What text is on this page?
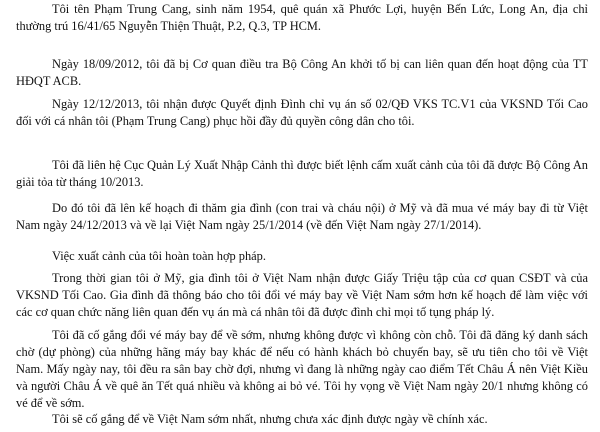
Tôi tên Phạm Trung Cang, sinh năm 1954, quê quán xã Phước Lợi, huyện Bến Lức, Long An, địa chỉ thường trú 16/41/65 Nguyễn Thiện Thuật, P.2, Q.3, TP HCM.

Ngày 18/09/2012, tôi đã bị Cơ quan điều tra Bộ Công An khởi tố bị can liên quan đến hoạt động của TT HĐQT ACB.

Ngày 12/12/2013, tôi nhận được Quyết định Đình chỉ vụ án số 02/QĐ VKS TC.V1 của VKSND Tối Cao đối với cá nhân tôi (Phạm Trung Cang) phục hồi đầy đủ quyền công dân cho tôi.

Tôi đã liên hệ Cục Quản Lý Xuất Nhập Cảnh thì được biết lệnh cấm xuất cảnh của tôi đã được Bộ Công An giải tỏa từ tháng 10/2013.

Do đó tôi đã lên kế hoạch đi thăm gia đình (con trai và cháu nội) ở Mỹ và đã mua vé máy bay đi từ Việt Nam ngày 24/12/2013 và về lại Việt Nam ngày 25/1/2014 (về đến Việt Nam ngày 27/1/2014).

Việc xuất cảnh của tôi hoàn toàn hợp pháp.

Trong thời gian tôi ở Mỹ, gia đình tôi ở Việt Nam nhận được Giấy Triệu tập của cơ quan CSĐT và của VKSND Tối Cao. Gia đình đã thông báo cho tôi đổi vé máy bay về Việt Nam sớm hơn kế hoạch để làm việc với các cơ quan chức năng liên quan đến vụ án mà cá nhân tôi đã được đình chỉ mọi tố tụng pháp lý.

Tôi đã cố gắng đổi vé máy bay để về sớm, nhưng không được vì không còn chỗ. Tôi đã đăng ký danh sách chờ (dự phòng) của những hãng máy bay khác để nếu có hành khách bỏ chuyến bay, sẽ ưu tiên cho tôi về Việt Nam. Mấy ngày nay, tôi đều ra sân bay chờ đợi, nhưng vì đang là những ngày cao điểm Tết Châu Á nên Việt Kiều và người Châu Á về quê ăn Tết quá nhiều và không ai bỏ vé. Tôi hy vọng về Việt Nam ngày 20/1 nhưng không có vé để về sớm.

Tôi sẽ cố gắng để về Việt Nam sớm nhất, nhưng chưa xác định được ngày về chính xác.
